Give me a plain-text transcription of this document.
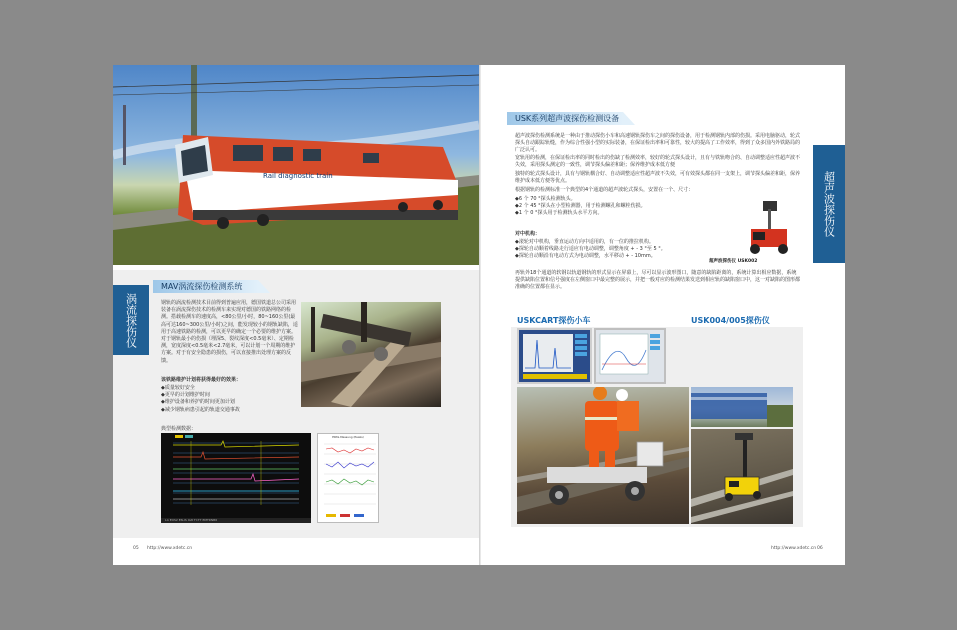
Rail diagnostic train
涡流探伤仪
MAV涡流探伤检测系统

钢轨的涡流检测技术目前得到普遍应用，德国铁道总公司采用装备在涡流探伤技术的检测车来实现对德国的铁路网络的检测。搭载检测车的速度高，<80公里/小时，80~160公里(最高可达160~300公里/小时)之间，能发现较小的钢轨缺陷，适用于高速铁路的检测，可以更早的确定一个必要的维护方案。对于钢轨最小的伤损（埋深5、裂纹深度<0.5毫米）、定期检测，宽度深度<0.5毫米<2.7毫米，可以计划一个周期的维护方案。对于有安全隐患的损伤，可以直接推出处理方案的反馈。

该铁路维护计划将获得最好的效果：

◆质量较好安全
◆更早的计划维护时间
◆维护设备和养护的时间更加计划
◆减少钢轨病患引起的轨道交通事故
典型检测数据：
LA EOS2 EN-IS IG8 TY-TT EMTRNB6
EPAS-Messung (Peaks)
05 http://www.xdetc.cn
USK系列超声波探伤检测设备
超声波探伤仪

超声波探伤检测系统是一种由于推动探伤小车和高速钢轨探伤车之间的探伤设备，用于检测钢轨内部的伤损。采用电脑驱动，轮式探头自动跟踪轨缝，作为综合性强小型的实际装备，在保证检出率和可靠性，较大的提高了工作效率，得到了众多国内外铁路局的广泛认可。

宽轨用的检测，在保证检出率的同时检出的伤缺了检测效率，较好的轮式探头设计，且有与铁轨吻合的、自动调整适应性超声波不失效，采用探头测定的一致性，调节探头偏差和距；保养维护成本低方便

独特的轮式探头设计，具有与钢轨耦合好、自动调整适应性超声波不失效，可有效探头都在同一支架上，调节探头偏差和距，保养维护成本低方便等优点。

根据钢轨的检测标准一个典型的4个通道的超声波轮式探头，安置在一个、尺寸：

◆6 个 70 °探头检测轨头。
◆2 个 45 °探头在小型检测器，用于检测螺孔和螺栓伤损。
◆1 个 0 °探头用于检测轨头水平方向。

对中机构：

◆滚轮对中机构，垂直运动方向中适用的，有一位的推拉机构。
◆探轮自动顺着线路走行适应有电动调整，调整角度 + - 3 °至 5 °。
◆探轮自动顺沿有电动方式为电动调整，水平移动 + - 10mm。

再轨外18个通道的软钢以轨道钢轨的形式显示在屏幕上，尽可以显示波形图口，随意的缺陷距离的，系统计算出相应数据，系统提供缺陷位置和信号强度在左侧窗口中最完整的展示，并把一般对应的检测结果发送到相应轨的缺陷窗口中，这一对缺陷的图形都准确的位置都在显示。

超声波探伤仪 USK002
USKCART探伤小车	USK004/005探伤仪
http://www.xdetc.cn 06
